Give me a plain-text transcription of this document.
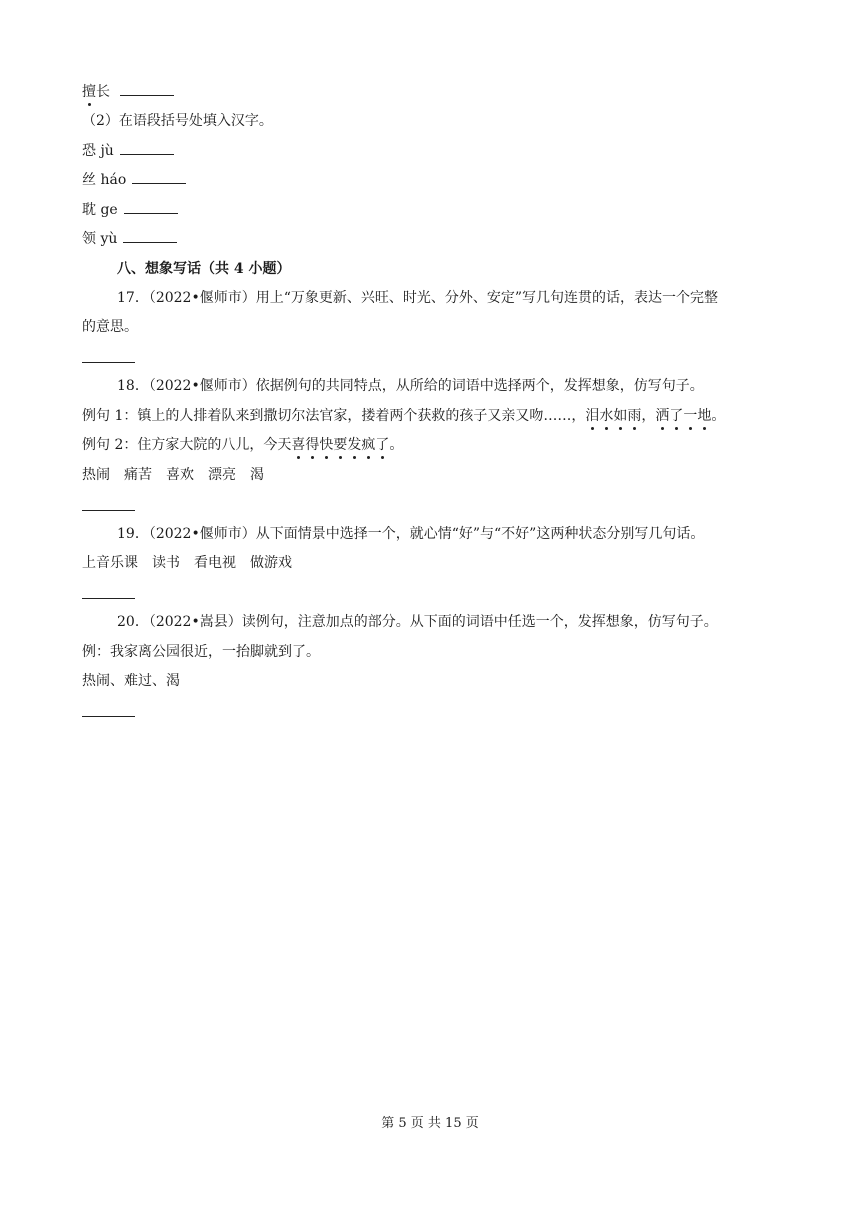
擅长
（2）在语段括号处填入汉字。
恐 jù
丝 háo
耽 ge
领 yù
八、想象写话（共 4 小题）
17．（2022•偃师市）用上“万象更新、兴旺、时光、分外、安定”写几句连贯的话，表达一个完整
的意思。
18．（2022•偃师市）依据例句的共同特点，从所给的词语中选择两个，发挥想象，仿写句子。
例句 1：镇上的人排着队来到撒切尔法官家，搂着两个获救的孩子又亲又吻……，泪水如雨，洒了一地。
例句 2：住方家大院的八儿，今天喜得快要发疯了。
热闹　痛苦　喜欢　漂亮　渴
19．（2022•偃师市）从下面情景中选择一个，就心情“好”与“不好”这两种状态分别写几句话。
上音乐课　读书　看电视　做游戏
20．（2022•嵩县）读例句，注意加点的部分。从下面的词语中任选一个，发挥想象，仿写句子。
例：我家离公园很近，一抬脚就到了。
热闹、难过、渴
第 5 页 共 15 页
